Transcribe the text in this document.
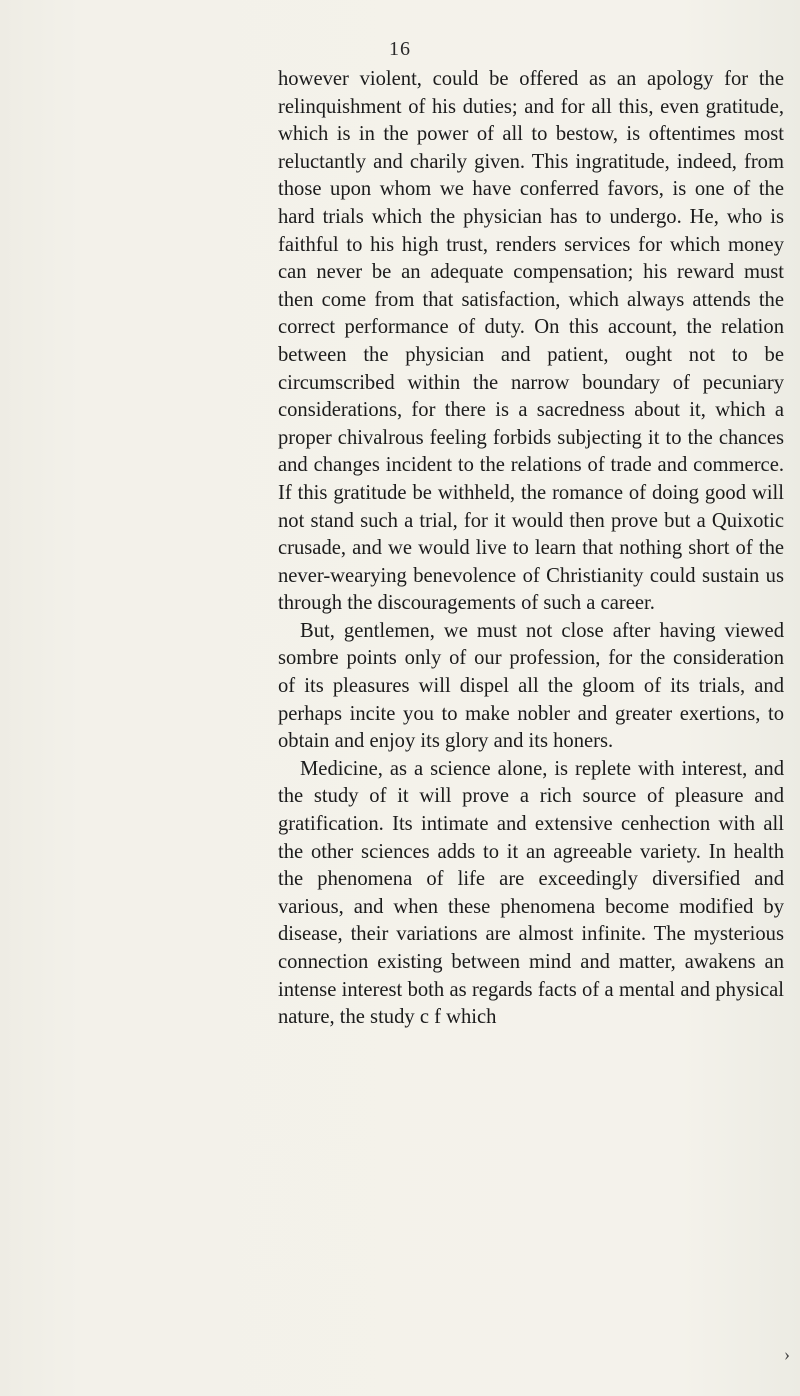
16

however violent, could be offered as an apology for the relinquishment of his duties; and for all this, even gratitude, which is in the power of all to bestow, is oftentimes most reluctantly and charily given. This ingratitude, indeed, from those upon whom we have conferred favors, is one of the hard trials which the physician has to undergo. He, who is faithful to his high trust, renders services for which money can never be an adequate compensation; his reward must then come from that satisfaction, which always attends the correct performance of duty. On this account, the relation between the physician and patient, ought not to be circumscribed within the narrow boundary of pecuniary considerations, for there is a sacredness about it, which a proper chivalrous feeling forbids subjecting it to the chances and changes incident to the relations of trade and commerce. If this gratitude be withheld, the romance of doing good will not stand such a trial, for it would then prove but a Quixotic crusade, and we would live to learn that nothing short of the never-wearying benevolence of Christianity could sustain us through the discouragements of such a career.

But, gentlemen, we must not close after having viewed sombre points only of our profession, for the consideration of its pleasures will dispel all the gloom of its trials, and perhaps incite you to make nobler and greater exertions, to obtain and enjoy its glory and its honers.

Medicine, as a science alone, is replete with interest, and the study of it will prove a rich source of pleasure and gratification. Its intimate and extensive cenhection with all the other sciences adds to it an agreeable variety. In health the phenomena of life are exceedingly diversified and various, and when these phenomena become modified by disease, their variations are almost infinite. The mysterious connection existing between mind and matter, awakens an intense interest both as regards facts of a mental and physical nature, the study c f which

›
